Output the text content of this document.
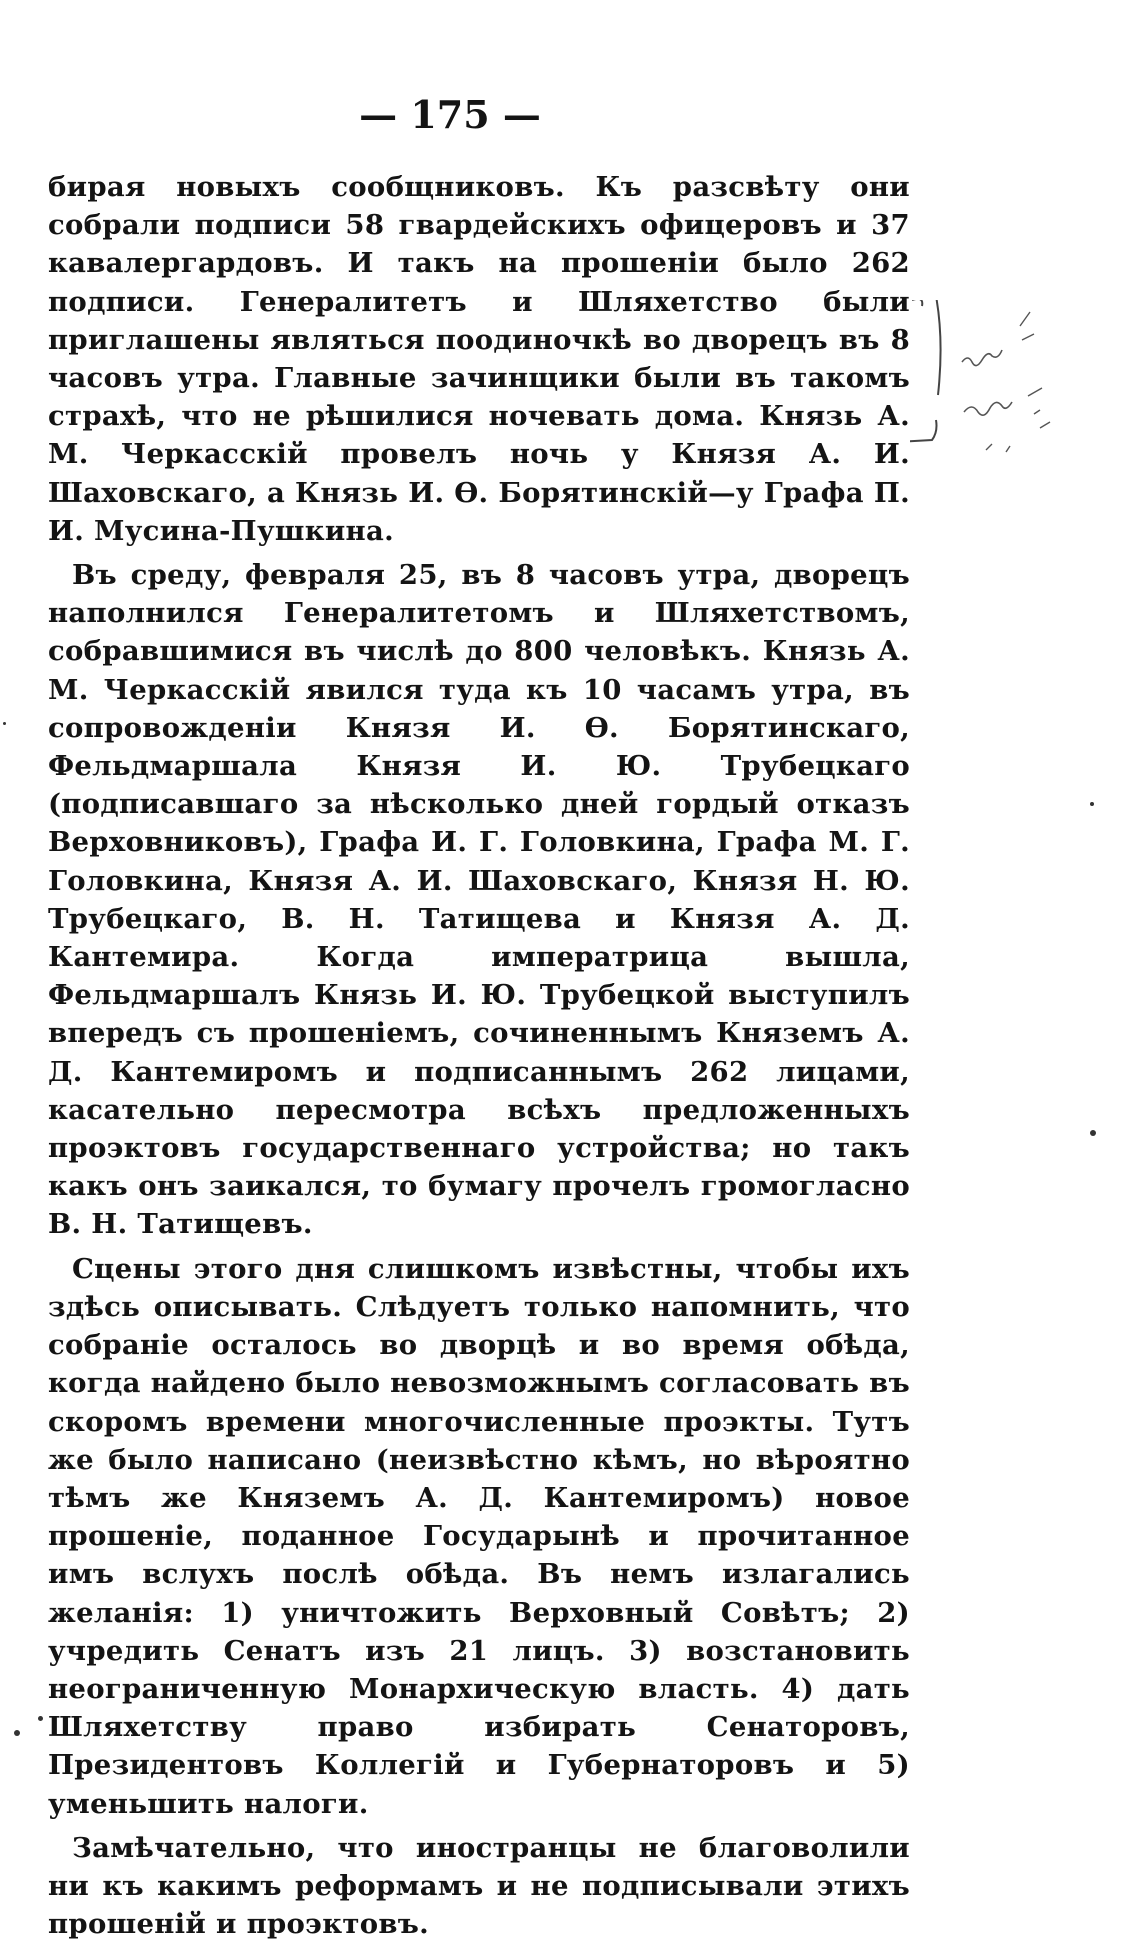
— 175 —

бирая новыхъ сообщниковъ. Къ разсвѣту они собрали подписи 58 гвардейскихъ офицеровъ и 37 кавалергардовъ. И такъ на прошеніи было 262 подписи. Генералитетъ и Шляхетство были приглашены являться поодиночкѣ во дворецъ въ 8 часовъ утра. Главные зачинщики были въ такомъ страхѣ, что не рѣшилися ночевать дома. Князь А. М. Черкасскій провелъ ночь у Князя А. И. Шаховскаго, а Князь И. Ѳ. Борятинскій—у Графа П. И. Мусина-Пушкина.

Въ среду, февраля 25, въ 8 часовъ утра, дворецъ наполнился Генералитетомъ и Шляхетствомъ, собравшимися въ числѣ до 800 человѣкъ. Князь А. М. Черкасскій явился туда къ 10 часамъ утра, въ сопровожденіи Князя И. Ѳ. Борятинскаго, Фельдмаршала Князя И. Ю. Трубецкаго (подписавшаго за нѣсколько дней гордый отказъ Верховниковъ), Графа И. Г. Головкина, Графа М. Г. Головкина, Князя А. И. Шаховскаго, Князя Н. Ю. Трубецкаго, В. Н. Татищева и Князя А. Д. Кантемира. Когда императрица вышла, Фельдмаршалъ Князь И. Ю. Трубецкой выступилъ впередъ съ прошеніемъ, сочиненнымъ Княземъ А. Д. Кантемиромъ и подписаннымъ 262 лицами, касательно пересмотра всѣхъ предложенныхъ проэктовъ государственнаго устройства; но такъ какъ онъ заикался, то бумагу прочелъ громогласно В. Н. Татищевъ.

Сцены этого дня слишкомъ извѣстны, чтобы ихъ здѣсь описывать. Слѣдуетъ только напомнить, что собраніе осталось во дворцѣ и во время обѣда, когда найдено было невозможнымъ согласовать въ скоромъ времени многочисленные проэкты. Тутъ же было написано (неизвѣстно кѣмъ, но вѣроятно тѣмъ же Княземъ А. Д. Кантемиромъ) новое прошеніе, поданное Государынѣ и прочитанное имъ вслухъ послѣ обѣда. Въ немъ излагались желанія: 1) уничтожить Верховный Совѣтъ; 2) учредить Сенатъ изъ 21 лицъ. 3) возстановить неограниченную Монархическую власть. 4) дать Шляхетству право избирать Сенаторовъ, Президентовъ Коллегій и Губернаторовъ и 5) уменьшить налоги.

Замѣчательно, что иностранцы не благоволили ни къ какимъ реформамъ и не подписывали этихъ прошеній и проэктовъ.
